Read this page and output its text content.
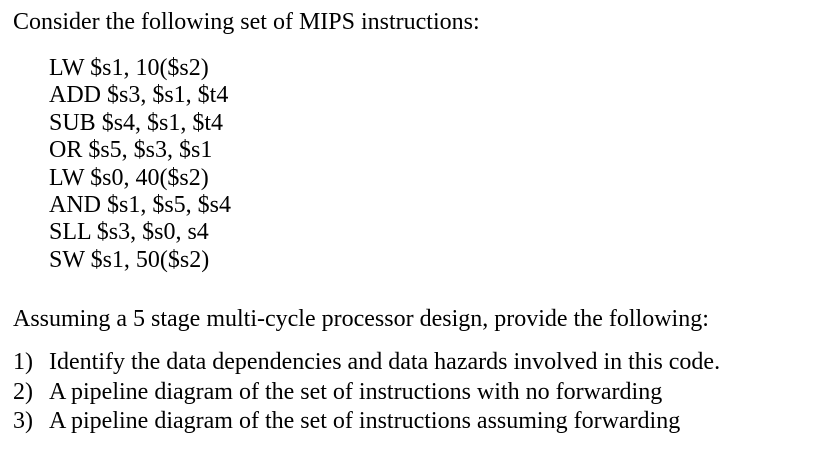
Consider the following set of MIPS instructions:
LW $s1, 10($s2)
ADD $s3, $s1, $t4
SUB $s4, $s1, $t4
OR $s5, $s3, $s1
LW $s0, 40($s2)
AND $s1, $s5, $s4
SLL $s3, $s0, s4
SW $s1, 50($s2)
Assuming a 5 stage multi-cycle processor design, provide the following:
1) Identify the data dependencies and data hazards involved in this code.
2) A pipeline diagram of the set of instructions with no forwarding
3) A pipeline diagram of the set of instructions assuming forwarding
